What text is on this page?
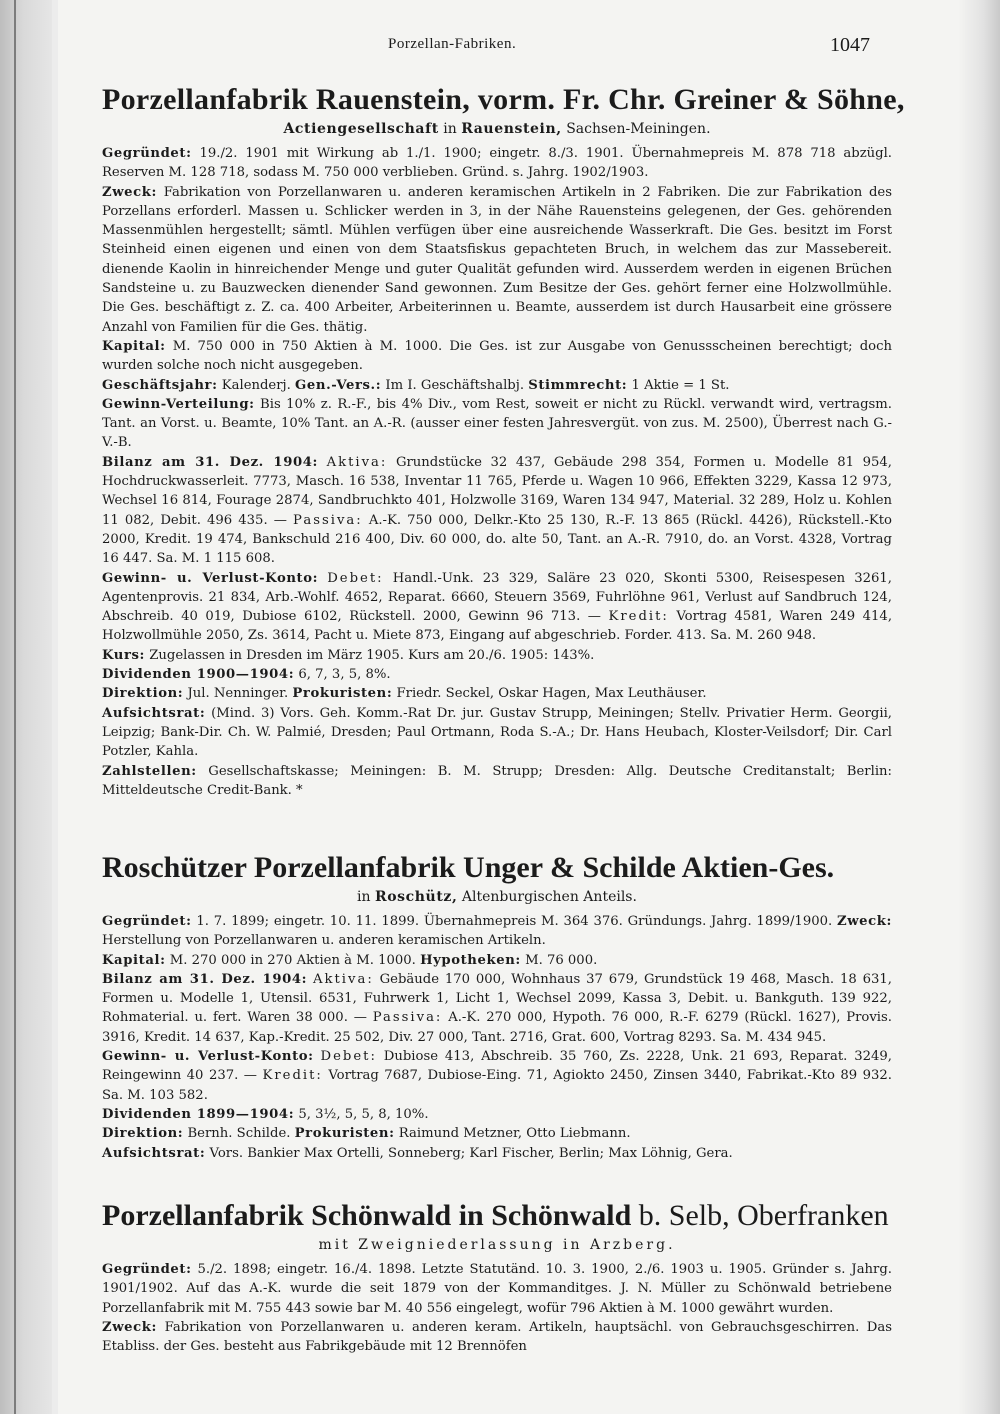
Porzellan-Fabriken.	1047
Porzellanfabrik Rauenstein, vorm. Fr. Chr. Greiner & Söhne,
Actiengesellschaft in Rauenstein, Sachsen-Meiningen.

Gegründet: 19./2. 1901 mit Wirkung ab 1./1. 1900; eingetr. 8./3. 1901. Übernahmepreis M. 878 718 abzügl. Reserven M. 128 718, sodass M. 750 000 verblieben. Gründ. s. Jahrg. 1902/1903.

Zweck: Fabrikation von Porzellanwaren u. anderen keramischen Artikeln in 2 Fabriken. Die zur Fabrikation des Porzellans erforderl. Massen u. Schlicker werden in 3, in der Nähe Rauensteins gelegenen, der Ges. gehörenden Massenmühlen hergestellt; sämtl. Mühlen verfügen über eine ausreichende Wasserkraft. Die Ges. besitzt im Forst Steinheid einen eigenen und einen von dem Staatsfiskus gepachteten Bruch, in welchem das zur Massebereit. dienende Kaolin in hinreichender Menge und guter Qualität gefunden wird. Ausserdem werden in eigenen Brüchen Sandsteine u. zu Bauzwecken dienender Sand gewonnen. Zum Besitze der Ges. gehört ferner eine Holzwollmühle. Die Ges. beschäftigt z. Z. ca. 400 Arbeiter, Arbeiterinnen u. Beamte, ausserdem ist durch Hausarbeit eine grössere Anzahl von Familien für die Ges. thätig.

Kapital: M. 750 000 in 750 Aktien à M. 1000. Die Ges. ist zur Ausgabe von Genussscheinen berechtigt; doch wurden solche noch nicht ausgegeben.

Geschäftsjahr: Kalenderj. Gen.-Vers.: Im I. Geschäftshalbj. Stimmrecht: 1 Aktie = 1 St.

Gewinn-Verteilung: Bis 10% z. R.-F., bis 4% Div., vom Rest, soweit er nicht zu Rückl. verwandt wird, vertragsm. Tant. an Vorst. u. Beamte, 10% Tant. an A.-R. (ausser einer festen Jahresvergüt. von zus. M. 2500), Überrest nach G.-V.-B.

Bilanz am 31. Dez. 1904: Aktiva: Grundstücke 32 437, Gebäude 298 354, Formen u. Modelle 81 954, Hochdruckwasserleit. 7773, Masch. 16 538, Inventar 11 765, Pferde u. Wagen 10 966, Effekten 3229, Kassa 12 973, Wechsel 16 814, Fourage 2874, Sandbruchkto 401, Holzwolle 3169, Waren 134 947, Material. 32 289, Holz u. Kohlen 11 082, Debit. 496 435. — Passiva: A.-K. 750 000, Delkr.-Kto 25 130, R.-F. 13 865 (Rückl. 4426), Rückstell.-Kto 2000, Kredit. 19 474, Bankschuld 216 400, Div. 60 000, do. alte 50, Tant. an A.-R. 7910, do. an Vorst. 4328, Vortrag 16 447. Sa. M. 1 115 608.

Gewinn- u. Verlust-Konto: Debet: Handl.-Unk. 23 329, Saläre 23 020, Skonti 5300, Reisespesen 3261, Agentenprovis. 21 834, Arb.-Wohlf. 4652, Reparat. 6660, Steuern 3569, Fuhrlöhne 961, Verlust auf Sandbruch 124, Abschreib. 40 019, Dubiose 6102, Rückstell. 2000, Gewinn 96 713. — Kredit: Vortrag 4581, Waren 249 414, Holzwollmühle 2050, Zs. 3614, Pacht u. Miete 873, Eingang auf abgeschrieb. Forder. 413. Sa. M. 260 948.

Kurs: Zugelassen in Dresden im März 1905. Kurs am 20./6. 1905: 143%.

Dividenden 1900—1904: 6, 7, 3, 5, 8%.

Direktion: Jul. Nenninger. Prokuristen: Friedr. Seckel, Oskar Hagen, Max Leuthäuser.

Aufsichtsrat: (Mind. 3) Vors. Geh. Komm.-Rat Dr. jur. Gustav Strupp, Meiningen; Stellv. Privatier Herm. Georgii, Leipzig; Bank-Dir. Ch. W. Palmié, Dresden; Paul Ortmann, Roda S.-A.; Dr. Hans Heubach, Kloster-Veilsdorf; Dir. Carl Potzler, Kahla.

Zahlstellen: Gesellschaftskasse; Meiningen: B. M. Strupp; Dresden: Allg. Deutsche Creditanstalt; Berlin: Mitteldeutsche Credit-Bank. *

Roschützer Porzellanfabrik Unger & Schilde Aktien-Ges.
in Roschütz, Altenburgischen Anteils.

Gegründet: 1. 7. 1899; eingetr. 10. 11. 1899. Übernahmepreis M. 364 376. Gründungs. Jahrg. 1899/1900. Zweck: Herstellung von Porzellanwaren u. anderen keramischen Artikeln.

Kapital: M. 270 000 in 270 Aktien à M. 1000. Hypotheken: M. 76 000.

Bilanz am 31. Dez. 1904: Aktiva: Gebäude 170 000, Wohnhaus 37 679, Grundstück 19 468, Masch. 18 631, Formen u. Modelle 1, Utensil. 6531, Fuhrwerk 1, Licht 1, Wechsel 2099, Kassa 3, Debit. u. Bankguth. 139 922, Rohmaterial. u. fert. Waren 38 000. — Passiva: A.-K. 270 000, Hypoth. 76 000, R.-F. 6279 (Rückl. 1627), Provis. 3916, Kredit. 14 637, Kap.-Kredit. 25 502, Div. 27 000, Tant. 2716, Grat. 600, Vortrag 8293. Sa. M. 434 945.

Gewinn- u. Verlust-Konto: Debet: Dubiose 413, Abschreib. 35 760, Zs. 2228, Unk. 21 693, Reparat. 3249, Reingewinn 40 237. — Kredit: Vortrag 7687, Dubiose-Eing. 71, Agiokto 2450, Zinsen 3440, Fabrikat.-Kto 89 932. Sa. M. 103 582.

Dividenden 1899—1904: 5, 3½, 5, 5, 8, 10%.

Direktion: Bernh. Schilde. Prokuristen: Raimund Metzner, Otto Liebmann.

Aufsichtsrat: Vors. Bankier Max Ortelli, Sonneberg; Karl Fischer, Berlin; Max Löhnig, Gera.

Porzellanfabrik Schönwald in Schönwald b. Selb, Oberfranken
mit Zweigniederlassung in Arzberg.

Gegründet: 5./2. 1898; eingetr. 16./4. 1898. Letzte Statutänd. 10. 3. 1900, 2./6. 1903 u. 1905. Gründer s. Jahrg. 1901/1902. Auf das A.-K. wurde die seit 1879 von der Kommanditges. J. N. Müller zu Schönwald betriebene Porzellanfabrik mit M. 755 443 sowie bar M. 40 556 eingelegt, wofür 796 Aktien à M. 1000 gewährt wurden.

Zweck: Fabrikation von Porzellanwaren u. anderen keram. Artikeln, hauptsächl. von Gebrauchsgeschirren. Das Etabliss. der Ges. besteht aus Fabrikgebäude mit 12 Brennöfen
